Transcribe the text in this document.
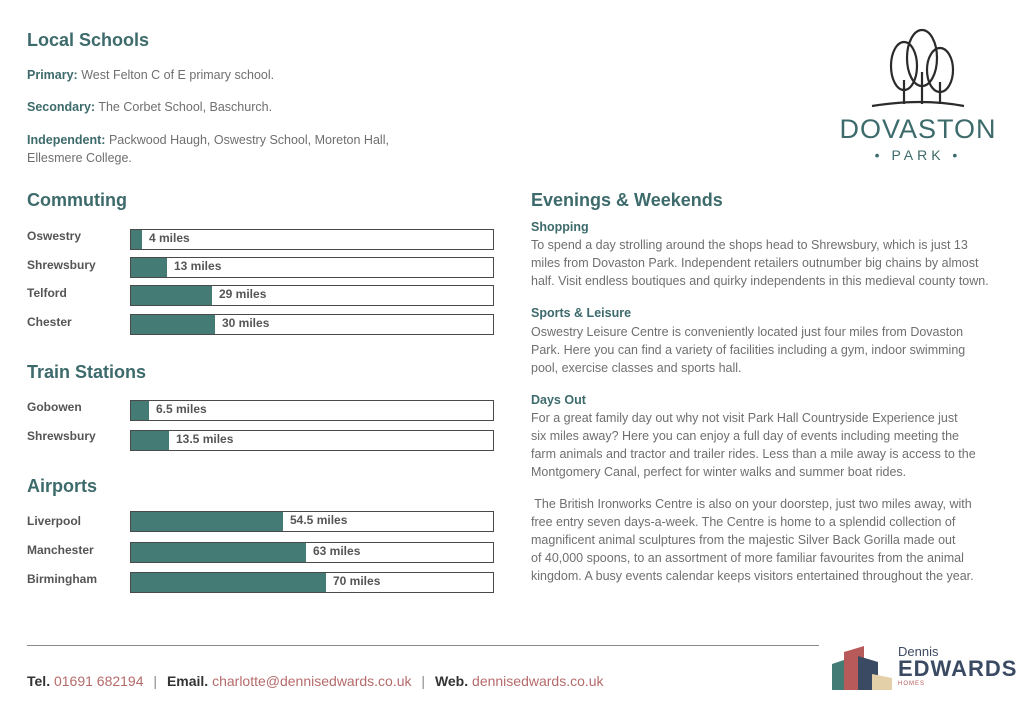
Local Schools
Primary: West Felton C of E primary school.
Secondary: The Corbet School, Baschurch.
Independent: Packwood Haugh, Oswestry School, Moreton Hall,
Ellesmere College.
Commuting
Oswestry	4 miles
Shrewsbury	13 miles
Telford	29 miles
Chester	30 miles
Train Stations
Gobowen	6.5 miles
Shrewsbury	13.5 miles
Airports
Liverpool	54.5 miles
Manchester	63 miles
Birmingham	70 miles
DOVASTON
• PARK •
Evenings & Weekends
Shopping

To spend a day strolling around the shops head to Shrewsbury, which is just 13
miles from Dovaston Park. Independent retailers outnumber big chains by almost
half. Visit endless boutiques and quirky independents in this medieval county town.

Sports & Leisure

Oswestry Leisure Centre is conveniently located just four miles from Dovaston
Park. Here you can find a variety of facilities including a gym, indoor swimming
pool, exercise classes and sports hall.

Days Out

For a great family day out why not visit Park Hall Countryside Experience just
six miles away? Here you can enjoy a full day of events including meeting the
farm animals and tractor and trailer rides. Less than a mile away is access to the
Montgomery Canal, perfect for winter walks and summer boat rides.

The British Ironworks Centre is also on your doorstep, just two miles away, with
free entry seven days-a-week. The Centre is home to a splendid collection of
magnificent animal sculptures from the majestic Silver Back Gorilla made out
of 40,000 spoons, to an assortment of more familiar favourites from the animal
kingdom. A busy events calendar keeps visitors entertained throughout the year.

Tel. 01691 682194 | Email. charlotte@dennisedwards.co.uk | Web. dennisedwards.co.uk
Dennis
EDWARDS
HOMES
